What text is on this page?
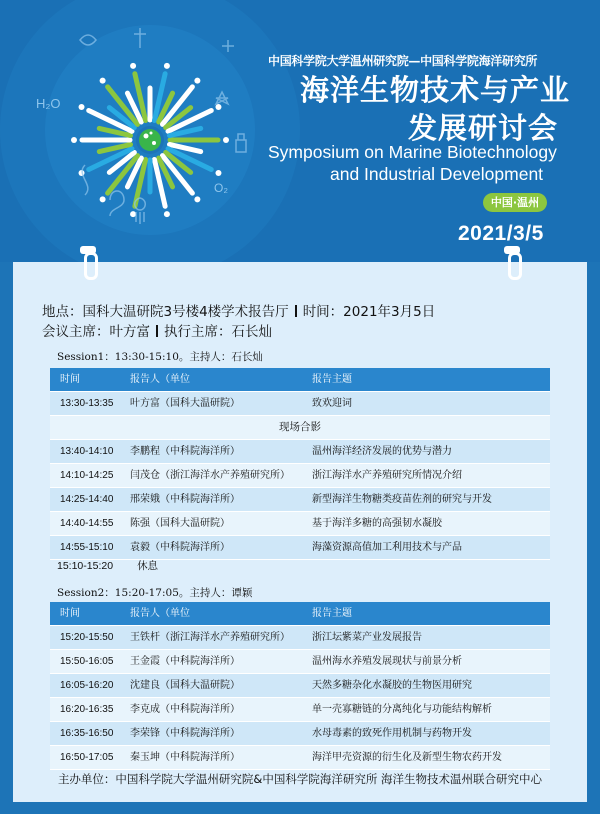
H₂O
O₂
中国科学院大学温州研究院—中国科学院海洋研究所
海洋生物技术与产业
发展研讨会
Symposium on Marine Biotechnology
and Industrial Development
中国·温州
2021/3/5
地点：国科大温研院3号楼4楼学术报告厅 时间：2021年3月5日
会议主席：叶方富 执行主席：石长灿
Session1：13:30-15:10。主持人：石长灿
时间	报告人（单位	报告主题
13:30-13:35 叶方富（国科大温研院）	致欢迎词
现场合影
13:40-14:10 李鹏程（中科院海洋所）	温州海洋经济发展的优势与潜力
14:10-14:25 闫茂仓（浙江海洋水产养殖研究所） 浙江海洋水产养殖研究所情况介绍
14:25-14:40 邢荣娥（中科院海洋所）	新型海洋生物糖类疫苗佐剂的研究与开发
14:40-14:55 陈强（国科大温研院）	基于海洋多糖的高强韧水凝胶
14:55-15:10 袁毅（中科院海洋所）	海藻资源高值加工利用技术与产品
15:10-15:20 休息
Session2：15:20-17:05。主持人：谭颖
时间	报告人（单位	报告主题
15:20-15:50 王铁杆（浙江海洋水产养殖研究所） 浙江坛紫菜产业发展报告
15:50-16:05 王金霞（中科院海洋所）	温州海水养殖发展现状与前景分析
16:05-16:20 沈建良（国科大温研院）	天然多糖杂化水凝胶的生物医用研究
16:20-16:35 李克成（中科院海洋所）	单一壳寡糖链的分离纯化与功能结构解析
16:35-16:50 李荣锋（中科院海洋所）	水母毒素的致死作用机制与药物开发
16:50-17:05 秦玉坤（中科院海洋所）	海洋甲壳资源的衍生化及新型生物农药开发
主办单位：中国科学院大学温州研究院&中国科学院海洋研究所 海洋生物技术温州联合研究中心
